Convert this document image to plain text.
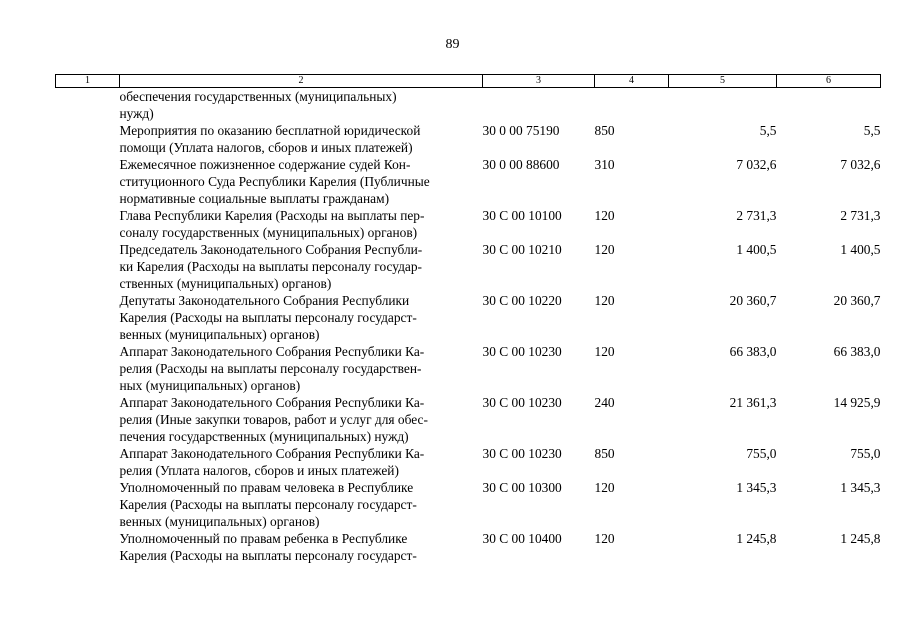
89
1	2	3	4	5	6
	обеспечения государственных (муниципальных)
нужд)				
	Мероприятия по оказанию бесплатной юридической
помощи (Уплата налогов, сборов и иных платежей)	30 0 00 75190	850	5,5	5,5
	Ежемесячное пожизненное содержание судей Кон-
ституционного Суда Республики Карелия (Публичные
нормативные социальные выплаты гражданам)	30 0 00 88600	310	7 032,6	7 032,6
	Глава Республики Карелия (Расходы на выплаты пер-
соналу государственных (муниципальных) органов)	30 С 00 10100	120	2 731,3	2 731,3
	Председатель Законодательного Собрания Республи-
ки Карелия (Расходы на выплаты персоналу государ-
ственных (муниципальных) органов)	30 С 00 10210	120	1 400,5	1 400,5
	Депутаты Законодательного Собрания Республики
Карелия (Расходы на выплаты персоналу государст-
венных (муниципальных) органов)	30 С 00 10220	120	20 360,7	20 360,7
	Аппарат Законодательного Собрания Республики Ка-
релия (Расходы на выплаты персоналу государствен-
ных (муниципальных) органов)	30 С 00 10230	120	66 383,0	66 383,0
	Аппарат Законодательного Собрания Республики Ка-
релия (Иные закупки товаров, работ и услуг для обес-
печения государственных (муниципальных) нужд)	30 С 00 10230	240	21 361,3	14 925,9
	Аппарат Законодательного Собрания Республики Ка-
релия (Уплата налогов, сборов и иных платежей)	30 С 00 10230	850	755,0	755,0
	Уполномоченный по правам человека в Республике
Карелия (Расходы на выплаты персоналу государст-
венных (муниципальных) органов)	30 С 00 10300	120	1 345,3	1 345,3
	Уполномоченный по правам ребенка в Республике
Карелия (Расходы на выплаты персоналу государст-	30 С 00 10400	120	1 245,8	1 245,8
